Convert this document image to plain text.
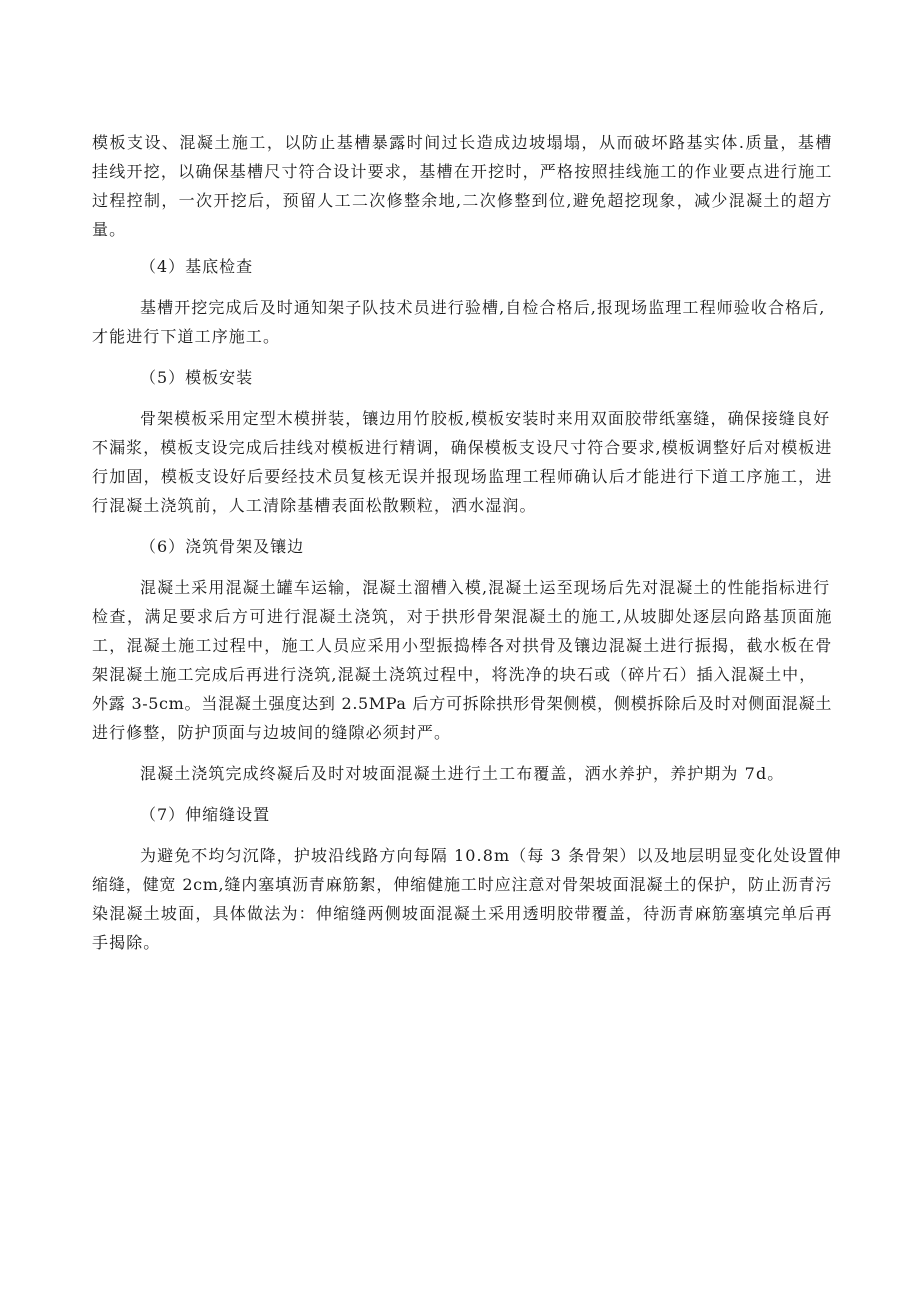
模板支设、混凝土施工，以防止基槽暴露时间过长造成边坡塌塌，从而破坏路基实体.质量，基槽
挂线开挖，以确保基槽尺寸符合设计要求，基槽在开挖时，严格按照挂线施工的作业要点进行施工
过程控制，一次开挖后，预留人工二次修整余地,二次修整到位,避免超挖现象，减少混凝土的超方
量。

（4）基底检查

基槽开挖完成后及时通知架子队技术员进行验槽,自检合格后,报现场监理工程师验收合格后,
才能进行下道工序施工。

（5）模板安装

骨架模板采用定型木模拼装，镶边用竹胶板,模板安装时来用双面胶带纸塞缝，确保接缝良好
不漏浆，模板支设完成后挂线对模板进行精调，确保模板支设尺寸符合要求,模板调整好后对模板进
行加固，模板支设好后要经技术员复核无误并报现场监理工程师确认后才能进行下道工序施工，进
行混凝土浇筑前，人工清除基槽表面松散颗粒，洒水湿润。

（6）浇筑骨架及镶边

混凝土采用混凝土罐车运输，混凝土溜槽入模,混凝土运至现场后先对混凝土的性能指标进行
检查，满足要求后方可进行混凝土浇筑，对于拱形骨架混凝土的施工,从坡脚处逐层向路基顶面施
工，混凝土施工过程中，施工人员应采用小型振捣棒各对拱骨及镶边混凝土进行振揭，截水板在骨
架混凝土施工完成后再进行浇筑,混凝土浇筑过程中，将洗净的块石或（碎片石）插入混凝土中，
外露 3-5cm。当混凝土强度达到 2.5MPa 后方可拆除拱形骨架侧模，侧模拆除后及时对侧面混凝土
进行修整，防护顶面与边坡间的缝隙必须封严。

混凝土浇筑完成终凝后及时对坡面混凝土进行土工布覆盖，洒水养护，养护期为 7d。

（7）伸缩缝设置

为避免不均匀沉降，护坡沿线路方向每隔 10.8m（每 3 条骨架）以及地层明显变化处设置伸
缩缝，健宽 2cm,缝内塞填沥青麻筋絮，伸缩健施工时应注意对骨架坡面混凝土的保护，防止沥青污
染混凝土坡面，具体做法为：伸缩缝两侧坡面混凝土采用透明胶带覆盖，待沥青麻筋塞填完单后再
手揭除。
